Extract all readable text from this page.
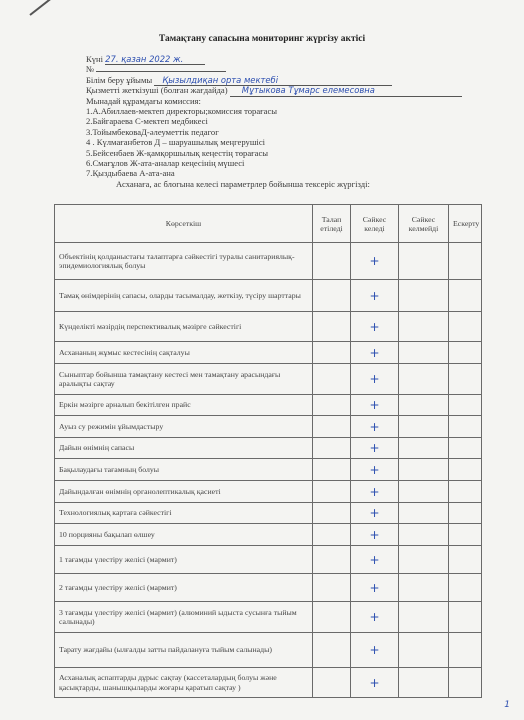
Тамақтану сапасына мониторинг жүргізу актісі
Күні 27. қазан 2022 ж.
№
Білім беру ұйымы Қызылдиқан орта мектебі
Қызметті жеткізуші (болған жағдайда) Мұтыкова Тұмарс елемесовна
Мынадай құрамдағы комиссия:
1.А.Абиллаев-мектеп директоры;комиссия торағасы
2.Байгараева С-мектеп медбикесі
3.ТойымбековаД-әлеуметтік педагог
4 . Күлмағанбетов Д – шаруашылық меңгерушісі
5.Бейсенбаев Ж-қамқоршылық кеңестің төрағасы
6.Смағұлов Ж-ата-аналар кеңесінің мүшесі
7.Қыздыбаева А-ата-ана
Асханаға, ас блогына келесі параметрлер бойынша тексеріс жүргізді:
Көрсеткіш	Талап етіледі	Сәйкес келеді	Сәйкес келмейді	Ескерту
Объектінің қолданыстағы талаптарға сәйкестігі туралы санитариялық-эпидемиологиялық болуы		+		
Тамақ өнімдерінің сапасы, оларды тасымалдау, жеткізу, түсіру шарттары		+		
Күнделікті мәзірдің перспективалық мәзірге сәйкестігі		+		
Асхананың жұмыс кестесінің сақталуы		+		
Сыныптар бойынша тамақтану кестесі мен тамақтану арасындағы аралықты сақтау		+		
Еркін мәзірге арналып бекітілген прайс		+		
Ауыз су режимін ұйымдастыру		+		
Дайын өнімнің сапасы		+		
Бақылаудағы тағамның болуы		+		
Дайындалған өнімнің органолептикалық қасиеті		+		
Технологиялық картаға сәйкестігі		+		
10 порцияны бақылап өлшеу		+		
1 тағамды үлестіру желісі (мармит)		+		
2 тағамды үлестіру желісі (мармит)		+		
3 тағамды үлестіру желісі (мармит) (алюминий ыдыста сусынға тыйым салынады)		+		
Тарату жағдайы (ылғалды затты пайдалануға тыйым салынады)		+		
Асханалық аспаптарды дұрыс сақтау (кассеталардың болуы және қасықтарды, шанышқыларды жоғары қаратып сақтау )		+		
1
